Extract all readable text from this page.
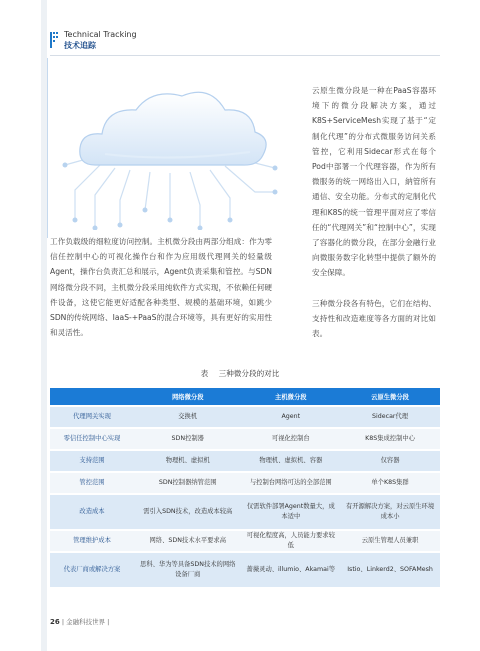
Technical Tracking
技术追踪

工作负载级的细粒度访问控制。主机微分段由两部分组成：作为零信任控制中心的可视化操作台和作为应用级代理网关的轻量级Agent，操作台负责汇总和展示，Agent负责采集和管控。与SDN网络微分段不同，主机微分段采用纯软件方式实现，不依赖任何硬件设备，这使它能更好适配各种类型、规模的基础环境，如跳少SDN的传统网络、IaaS-+PaaS的混合环境等，具有更好的实用性和灵活性。

云原生微分段是一种在PaaS容器环境下的微分段解决方案，通过K8S+ServiceMesh实现了基于“定制化代理”的分布式微服务访问关系管控，它利用Sidecar形式在每个Pod中部署一个代理容器，作为所有微服务的统一网络出入口，納管所有通信、安全功能。分布式的定制化代理和K8S的统一管理平面对应了零信任的“代理网关”和“控制中心”，实现了容器化的微分段，在部分金融行业向微服务数字化转型中提供了额外的安全保障。

三种微分段各有特色，它们在结构、支持性和改造难度等各方面的对比如表。

表 三种微分段的对比
	网络微分段	主机微分段	云原生微分段
代理网关实现	交换机	Agent	Sidecar代理
零信任控制中心实现	SDN控制器	可视化控制台	K8S集成控制中心
支持范围	物理机、虚拟机	物理机、虚拟机、容器	仅容器
管控范围	SDN控制器纳管范围	与控制台网络可达的全部范围	单个K8S集群
改造成本	需引入SDN技术，改造成本较高	仅需软件部署Agent数量大，成本适中	有开源解决方案，对云原生环境成本小
管理维护成本	网络、SDN技术水平要求高	可视化程度高，人员能力要求较低	云原生管理人员兼职
代表厂商或解决方案	思科、华为等具备SDN技术的网络设备厂商	薔薇灵动、illumio、Akamai等	Istio、Linkerd2、SOFAMesh
26 | 金融科技世界 |
